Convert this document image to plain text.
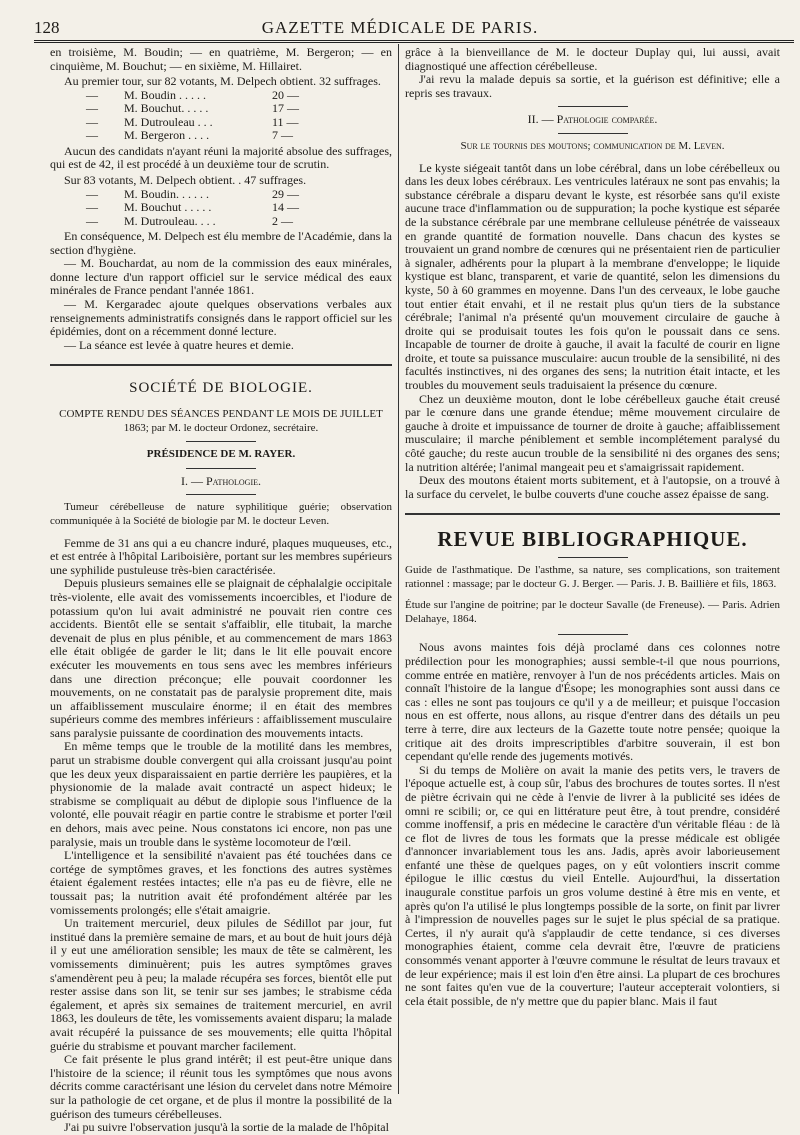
128	GAZETTE MÉDICALE DE PARIS.

en troisième, M. Boudin; — en quatrième, M. Bergeron; — en cinquième, M. Bouchut; — en sixième, M. Hillairet.

Au premier tour, sur 82 votants, M. Delpech obtient. 32 suffrages.
—	M. Boudin . . . . .	20 —
—	M. Bouchut. . . . .	17 —
—	M. Dutrouleau . . .	11 —
—	M. Bergeron . . . .	7 —

Aucun des candidats n'ayant réuni la majorité absolue des suffrages, qui est de 42, il est procédé à un deuxième tour de scrutin.

Sur 83 votants, M. Delpech obtient. . 47 suffrages.
—	M. Boudin. . . . . .	29 —
—	M. Bouchut . . . . .	14 —
—	M. Dutrouleau. . . .	2 —

En conséquence, M. Delpech est élu membre de l'Académie, dans la section d'hygiène.

— M. Bouchardat, au nom de la commission des eaux minérales, donne lecture d'un rapport officiel sur le service médical des eaux minérales de France pendant l'année 1861.

— M. Kergaradec ajoute quelques observations verbales aux renseignements administratifs consignés dans le rapport officiel sur les épidémies, dont on a récemment donné lecture.

— La séance est levée à quatre heures et demie.

SOCIÉTÉ DE BIOLOGIE.

COMPTE RENDU DES SÉANCES PENDANT LE MOIS DE JUILLET 1863; par M. le docteur Ordonez, secrétaire.

PRÉSIDENCE DE M. RAYER.

I. — Pathologie.

Tumeur cérébelleuse de nature syphilitique guérie; observation communiquée à la Société de biologie par M. le docteur Leven.

Femme de 31 ans qui a eu chancre induré, plaques muqueuses, etc., et est entrée à l'hôpital Lariboisière, portant sur les membres supérieurs une syphilide pustuleuse très-bien caractérisée.

Depuis plusieurs semaines elle se plaignait de céphalalgie occipitale très-violente, elle avait des vomissements incoercibles, et l'iodure de potassium qu'on lui avait administré ne pouvait rien contre ces accidents. Bientôt elle se sentait s'affaiblir, elle titubait, la marche devenait de plus en plus pénible, et au commencement de mars 1863 elle était obligée de garder le lit; dans le lit elle pouvait encore exécuter les mouvements en tous sens avec les membres inférieurs dans une direction préconçue; elle pouvait coordonner les mouvements, on ne constatait pas de paralysie proprement dite, mais un affaiblissement musculaire énorme; il en était des membres supérieurs comme des membres inférieurs : affaiblissement musculaire sans paralysie puissante de coordination des mouvements intacts.

En même temps que le trouble de la motilité dans les membres, parut un strabisme double convergent qui alla croissant jusqu'au point que les deux yeux disparaissaient en partie derrière les paupières, et la physionomie de la malade avait contracté un aspect hideux; le strabisme se compliquait au début de diplopie sous l'influence de la volonté, elle pouvait réagir en partie contre le strabisme et porter l'œil en dehors, mais avec peine. Nous constatons ici encore, non pas une paralysie, mais un trouble dans le système locomoteur de l'œil.

L'intelligence et la sensibilité n'avaient pas été touchées dans ce cortége de symptômes graves, et les fonctions des autres systèmes étaient également restées intactes; elle n'a pas eu de fièvre, elle ne toussait pas; la nutrition avait été profondément altérée par les vomissements prolongés; elle s'était amaigrie.

Un traitement mercuriel, deux pilules de Sédillot par jour, fut institué dans la première semaine de mars, et au bout de huit jours déjà il y eut une amélioration sensible; les maux de tête se calmèrent, les vomissements diminuèrent; puis les autres symptômes graves s'amendèrent peu à peu; la malade récupéra ses forces, bientôt elle put rester assise dans son lit, se tenir sur ses jambes; le strabisme céda également, et après six semaines de traitement mercuriel, en avril 1863, les douleurs de tête, les vomissements avaient disparu; la malade avait récupéré la puissance de ses mouvements; elle quitta l'hôpital guérie du strabisme et pouvant marcher facilement.

Ce fait présente le plus grand intérêt; il est peut-être unique dans l'histoire de la science; il réunit tous les symptômes que nous avons décrits comme caractérisant une lésion du cervelet dans notre Mémoire sur la pathologie de cet organe, et de plus il montre la possibilité de la guérison des tumeurs cérébelleuses.

J'ai pu suivre l'observation jusqu'à la sortie de la malade de l'hôpital

grâce à la bienveillance de M. le docteur Duplay qui, lui aussi, avait diagnostiqué une affection cérébelleuse.

J'ai revu la malade depuis sa sortie, et la guérison est définitive; elle a repris ses travaux.

II. — Pathologie comparée.

Sur le tournis des moutons; communication de M. Leven.

Le kyste siégeait tantôt dans un lobe cérébral, dans un lobe cérébelleux ou dans les deux lobes cérébraux. Les ventricules latéraux ne sont pas envahis; la substance cérébrale a disparu devant le kyste, est résorbée sans qu'il existe aucune trace d'inflammation ou de suppuration; la poche kystique est séparée de la substance cérébrale par une membrane celluleuse pénétrée de vaisseaux en grande quantité de formation nouvelle. Dans chacun des kystes se trouvaient un grand nombre de cœnures qui ne présentaient rien de particulier à signaler, adhérents pour la plupart à la membrane d'enveloppe; le liquide kystique est blanc, transparent, et varie de quantité, selon les dimensions du kyste, 50 à 60 grammes en moyenne. Dans l'un des cerveaux, le lobe gauche tout entier était envahi, et il ne restait plus qu'un tiers de la substance cérébrale; l'animal n'a présenté qu'un mouvement circulaire de gauche à droite qui se produisait toutes les fois qu'on le poussait dans ce sens. Incapable de tourner de droite à gauche, il avait la faculté de courir en ligne droite, et toute sa puissance musculaire: aucun trouble de la sensibilité, ni des facultés instinctives, ni des organes des sens; la nutrition était intacte, et les troubles du mouvement seuls traduisaient la présence du cœnure.

Chez un deuxième mouton, dont le lobe cérébelleux gauche était creusé par le cœnure dans une grande étendue; même mouvement circulaire de gauche à droite et impuissance de tourner de droite à gauche; affaiblissement musculaire; il marche péniblement et semble incomplétement paralysé du côté gauche; du reste aucun trouble de la sensibilité ni des organes des sens; la nutrition altérée; l'animal mangeait peu et s'amaigrissait rapidement.

Deux des moutons étaient morts subitement, et à l'autopsie, on a trouvé à la surface du cervelet, le bulbe couverts d'une couche assez épaisse de sang.

REVUE BIBLIOGRAPHIQUE.

Guide de l'asthmatique. De l'asthme, sa nature, ses complications, son traitement rationnel : massage; par le docteur G. J. Berger. — Paris. J. B. Baillière et fils, 1863.

Étude sur l'angine de poitrine; par le docteur Savalle (de Freneuse). — Paris. Adrien Delahaye, 1864.

Nous avons maintes fois déjà proclamé dans ces colonnes notre prédilection pour les monographies; aussi semble-t-il que nous pourrions, comme entrée en matière, renvoyer à l'un de nos précédents articles. Mais on connaît l'histoire de la langue d'Ésope; les monographies sont aussi dans ce cas : elles ne sont pas toujours ce qu'il y a de meilleur; et puisque l'occasion nous en est offerte, nous allons, au risque d'entrer dans des détails un peu terre à terre, dire aux lecteurs de la Gazette toute notre pensée; quoique la critique ait des droits imprescriptibles d'arbitre souverain, il est bon cependant qu'elle rende des jugements motivés.

Si du temps de Molière on avait la manie des petits vers, le travers de l'époque actuelle est, à coup sûr, l'abus des brochures de toutes sortes. Il n'est de piètre écrivain qui ne cède à l'envie de livrer à la publicité ses idées de omni re scibili; or, ce qui en littérature peut être, à tout prendre, considéré comme inoffensif, a pris en médecine le caractère d'un véritable fléau : de là ce flot de livres de tous les formats que la presse médicale est obligée d'annoncer invariablement tous les ans. Jadis, après avoir laborieusement enfanté une thèse de quelques pages, on y eût volontiers inscrit comme épilogue le illic cœstus du vieil Entelle. Aujourd'hui, la dissertation inaugurale constitue parfois un gros volume destiné à être mis en vente, et après qu'on l'a utilisé le plus longtemps possible de la sorte, on finit par livrer à l'impression de nouvelles pages sur le sujet le plus spécial de sa pratique. Certes, il n'y aurait qu'à s'applaudir de cette tendance, si ces diverses monographies étaient, comme cela devrait être, l'œuvre de praticiens consommés venant apporter à l'œuvre commune le résultat de leurs travaux et de leur expérience; mais il est loin d'en être ainsi. La plupart de ces brochures ne sont faites qu'en vue de la couverture; l'auteur accepterait volontiers, si cela était possible, de n'y mettre que du papier blanc. Mais il faut
